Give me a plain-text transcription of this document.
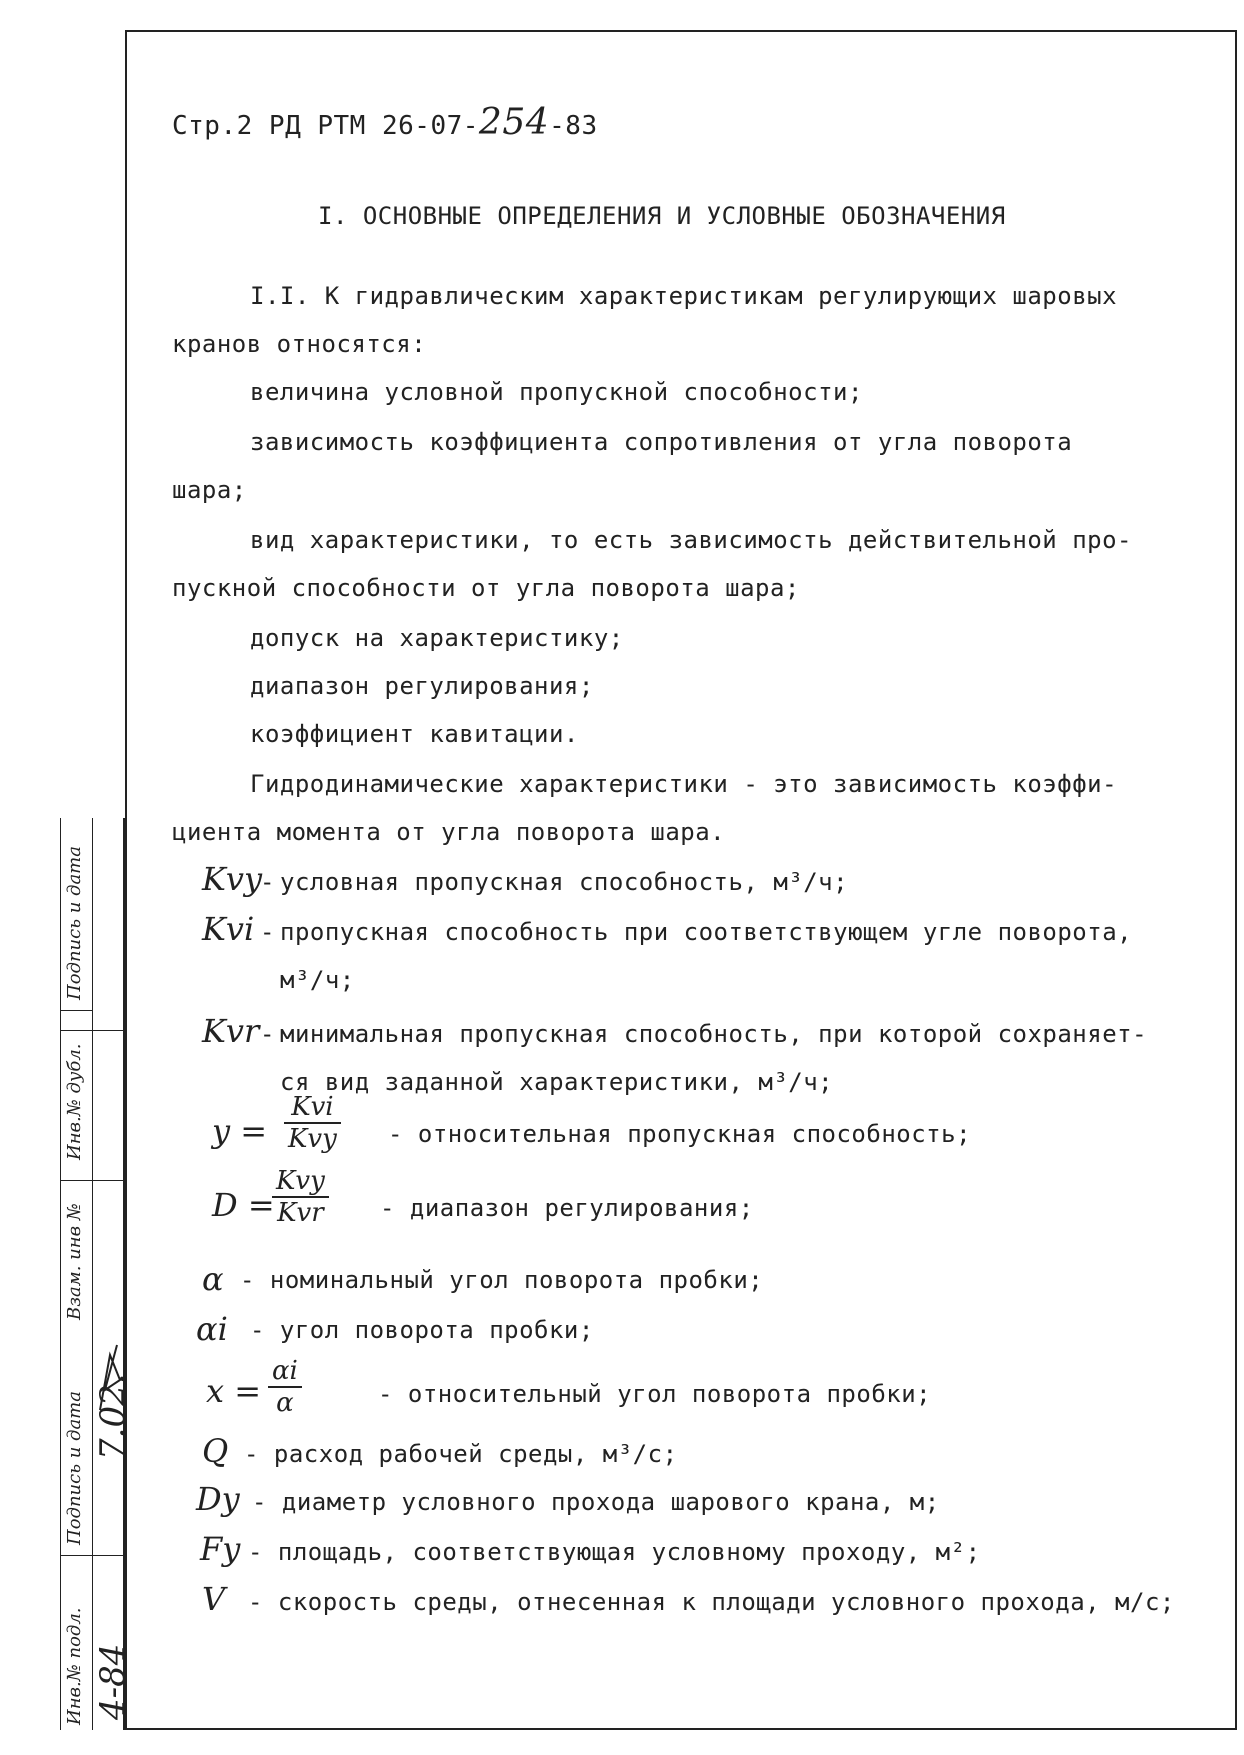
Подпись и дата
Инв.№ дубл.
Взам. инв №
Подпись и дата
Инв.№ подл.
7.02.
4-84
Стр.2 РД РТМ 26-07-254-83
I. ОСНОВНЫЕ ОПРЕДЕЛЕНИЯ И УСЛОВНЫЕ ОБОЗНАЧЕНИЯ
I.I. К гидравлическим характеристикам регулирующих шаровых
кранов относятся:
величина условной пропускной способности;
зависимость коэффициента сопротивления от угла поворота
шара;
вид характеристики, то есть зависимость действительной про-
пускной способности от угла поворота шара;
допуск на характеристику;
диапазон регулирования;
коэффициент кавитации.
Гидродинамические характеристики - это зависимость коэффи-
циента момента от угла поворота шара.
Kvy
- условная пропускная способность, м³/ч;
Kvi - пропускная способность при соответствующем угле поворота,
м³/ч;
Kvr - минимальная пропускная способность, при которой сохраняет-
ся вид заданной характеристики, м³/ч;
y =
Kvi
Kvy - относительная пропускная способность;
D =
Kvy
Kvr - диапазон регулирования;
α - номинальный угол поворота пробки;
αi - угол поворота пробки;
$x = \frac{\alpha i}{\alpha}$	- относительный угол поворота пробки;
Q - расход рабочей среды, м³/с;
Dy - диаметр условного прохода шарового крана, м;
Fy - площадь, соответствующая условному проходу, м²;
V - скорость среды, отнесенная к площади условного прохода, м/с;
